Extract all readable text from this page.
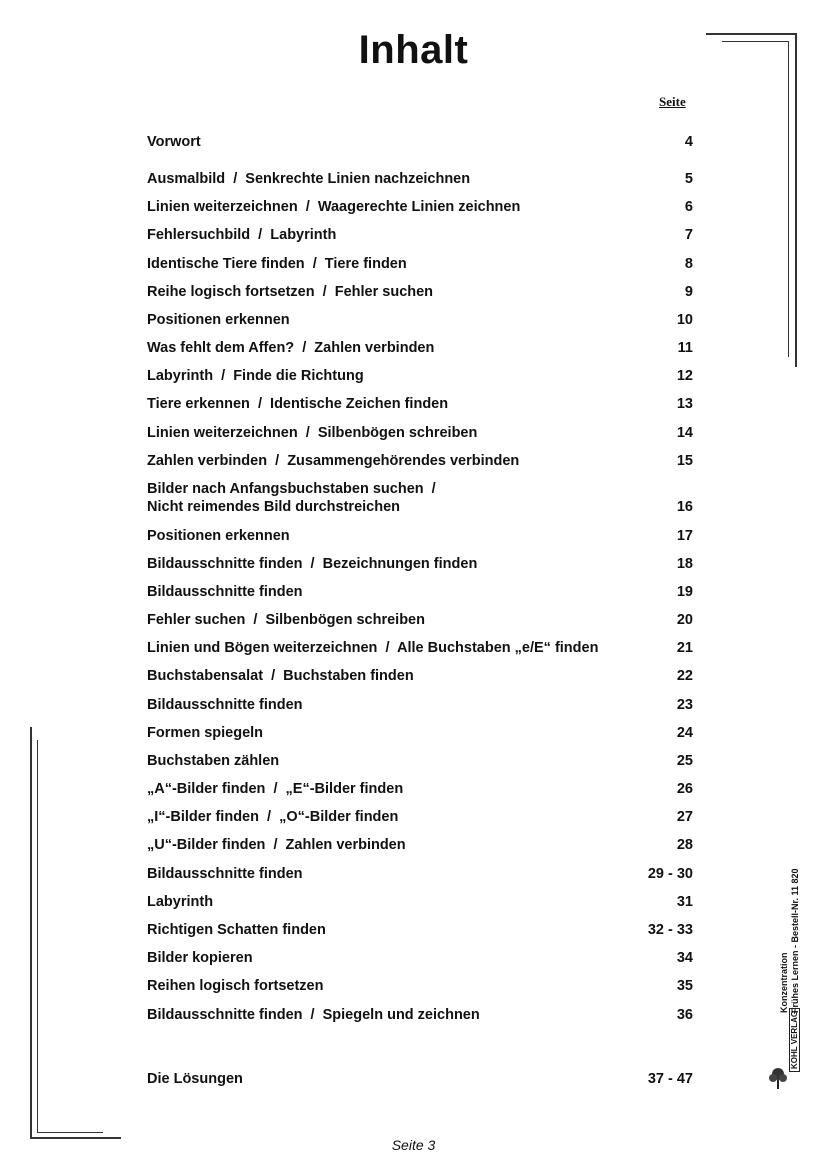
Inhalt
Seite
Vorwort	4
Ausmalbild  /  Senkrechte Linien nachzeichnen	5
Linien weiterzeichnen  /  Waagerechte Linien zeichnen	6
Fehlersuchbild  /  Labyrinth	7
Identische Tiere finden  /  Tiere finden	8
Reihe logisch fortsetzen  /  Fehler suchen	9
Positionen erkennen	10
Was fehlt dem Affen?  /  Zahlen verbinden	11
Labyrinth  /  Finde die Richtung	12
Tiere erkennen  /  Identische Zeichen finden	13
Linien weiterzeichnen  /  Silbenbögen schreiben	14
Zahlen verbinden  /  Zusammengehörendes verbinden	15
Bilder nach Anfangsbuchstaben suchen  /
Nicht reimendes Bild durchstreichen	16
Positionen erkennen	17
Bildausschnitte finden  /  Bezeichnungen finden	18
Bildausschnitte finden	19
Fehler suchen  /  Silbenbögen schreiben	20
Linien und Bögen weiterzeichnen  /  Alle Buchstaben „e/E“ finden	21
Buchstabensalat  /  Buchstaben finden	22
Bildausschnitte finden	23
Formen spiegeln	24
Buchstaben zählen	25
„A“-Bilder finden  /  „E“-Bilder finden	26
„I“-Bilder finden  /  „O“-Bilder finden	27
„U“-Bilder finden  /  Zahlen verbinden	28
Bildausschnitte finden	29 - 30
Labyrinth	31
Richtigen Schatten finden	32 - 33
Bilder kopieren	34
Reihen logisch fortsetzen	35
Bildausschnitte finden  /  Spiegeln und zeichnen	36
Die Lösungen	37 - 47
Konzentration Frühes Lernen - Bestell-Nr. 11 820
KOHL VERLAG
Seite 3
